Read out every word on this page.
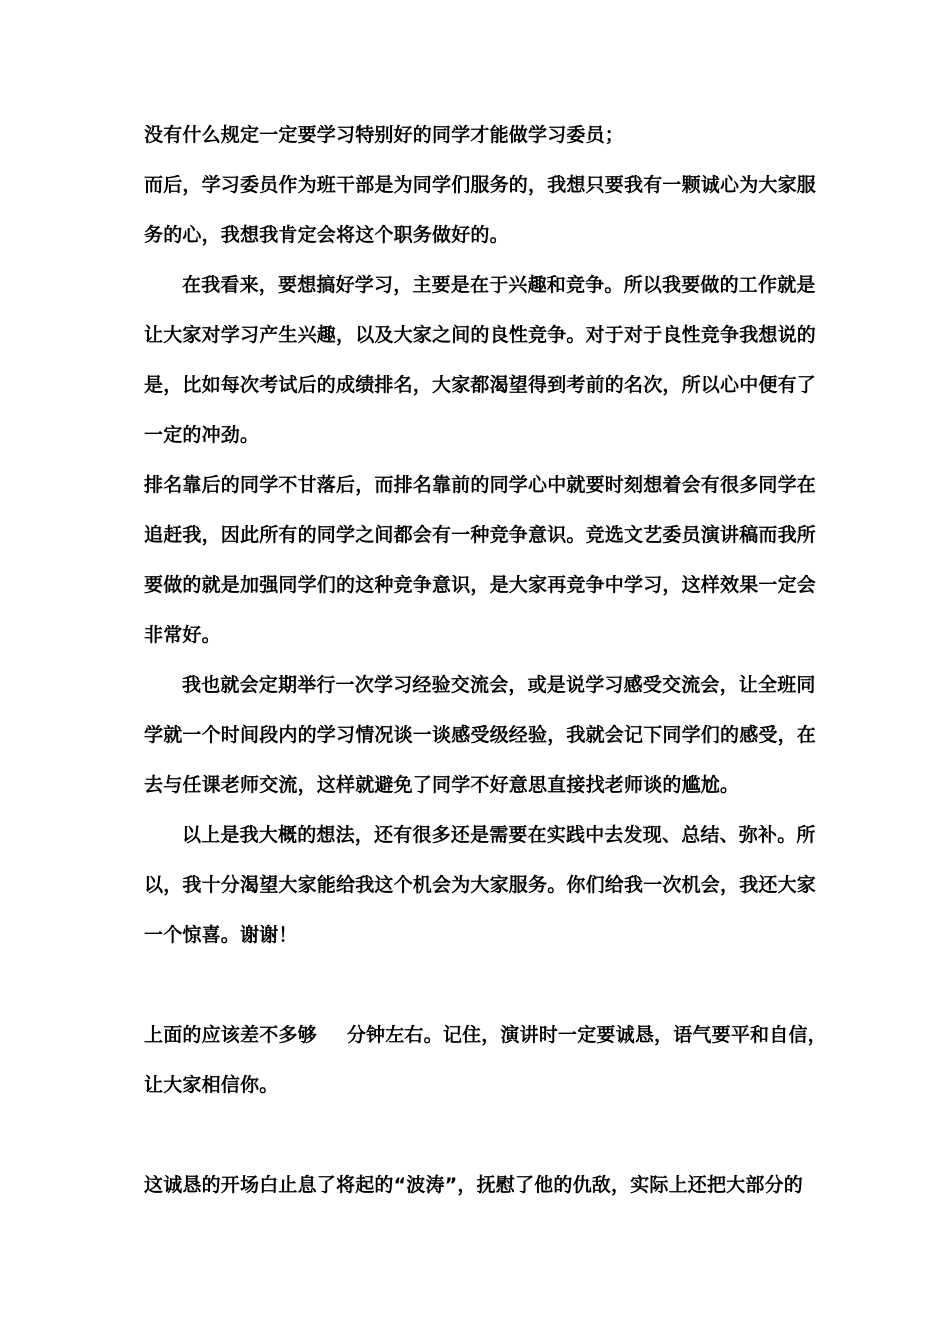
没有什么规定一定要学习特别好的同学才能做学习委员；
而后，学习委员作为班干部是为同学们服务的，我想只要我有一颗诚心为大家服
务的心，我想我肯定会将这个职务做好的。
在我看来，要想搞好学习，主要是在于兴趣和竞争。所以我要做的工作就是
让大家对学习产生兴趣，以及大家之间的良性竞争。对于对于良性竞争我想说的
是，比如每次考试后的成绩排名，大家都渴望得到考前的名次，所以心中便有了
一定的冲劲。
排名靠后的同学不甘落后，而排名靠前的同学心中就要时刻想着会有很多同学在
追赶我，因此所有的同学之间都会有一种竞争意识。竞选文艺委员演讲稿而我所
要做的就是加强同学们的这种竞争意识，是大家再竞争中学习，这样效果一定会
非常好。
我也就会定期举行一次学习经验交流会，或是说学习感受交流会，让全班同
学就一个时间段内的学习情况谈一谈感受级经验，我就会记下同学们的感受，在
去与任课老师交流，这样就避免了同学不好意思直接找老师谈的尴尬。
以上是我大概的想法，还有很多还是需要在实践中去发现、总结、弥补。所
以，我十分渴望大家能给我这个机会为大家服务。你们给我一次机会，我还大家
一个惊喜。谢谢！
上面的应该差不多够 分钟左右。记住，演讲时一定要诚恳，语气要平和自信，
让大家相信你。
这诚恳的开场白止息了将起的“波涛”，抚慰了他的仇敌，实际上还把大部分的
